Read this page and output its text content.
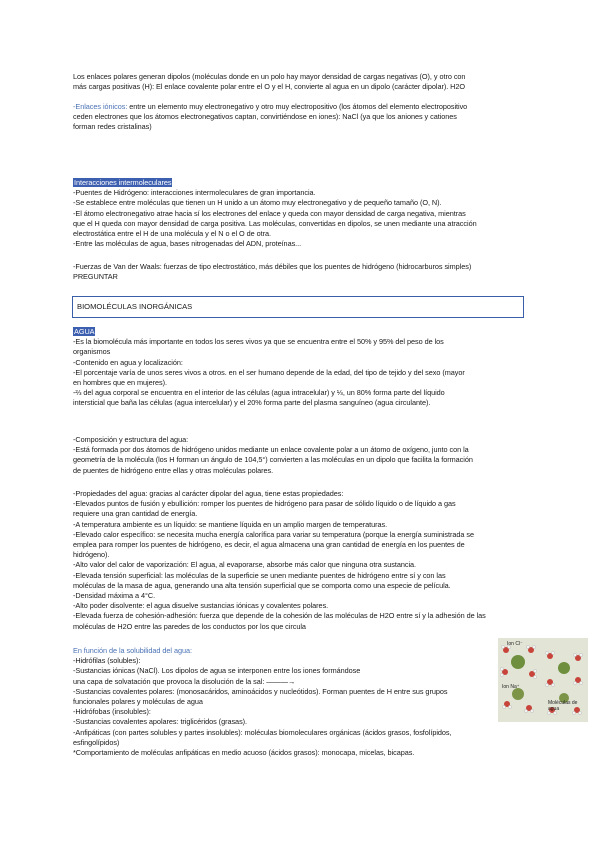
Los enlaces polares generan dipolos (moléculas donde en un polo hay mayor densidad de cargas negativas (O), y otro con

más cargas positivas (H): El enlace covalente polar entre el O y el H, convierte al agua en un dipolo (carácter dipolar). H2O

-Enlaces iónicos: entre un elemento muy electronegativo y otro muy electropositivo (los átomos del elemento electropositivo

ceden electrones que los átomos electronegativos captan, convirtiéndose en iones): NaCl (ya que los aniones y cationes

forman redes cristalinas)

Interacciones intermoleculares

-Puentes de Hidrógeno: interacciones intermoleculares de gran importancia.

-Se establece entre moléculas que tienen un H unido a un átomo muy electronegativo y de pequeño tamaño (O, N).

-El átomo electronegativo atrae hacia sí los electrones del enlace y queda con mayor densidad de carga negativa, mientras

que el H queda con mayor densidad de carga positiva. Las moléculas, convertidas en dipolos, se unen mediante una atracción

electrostática entre el H de una molécula y el N o el O de otra.

-Entre las moléculas de agua, bases nitrogenadas del ADN, proteínas...

-Fuerzas de Van der Waals: fuerzas de tipo electrostático, más débiles que los puentes de hidrógeno (hidrocarburos simples)

PREGUNTAR

BIOMOLÉCULAS INORGÁNICAS

AGUA

-Es la biomolécula más importante en todos los seres vivos ya que se encuentra entre el 50% y 95% del peso de los

organismos

-Contenido en agua y localización:

-El porcentaje varía de unos seres vivos a otros. en el ser humano depende de la edad, del tipo de tejido y del sexo (mayor

en hombres que en mujeres).

-⅔ del agua corporal se encuentra en el interior de las células (agua intracelular) y ⅓, un 80% forma parte del líquido

intersticial que baña las células (agua intercelular) y el 20% forma parte del plasma sanguíneo (agua circulante).

-Composición y estructura del agua:

-Está formada por dos átomos de hidrógeno unidos mediante un enlace covalente polar a un átomo de oxígeno, junto con la

geometría de la molécula (los H forman un ángulo de 104,5°) convierten a las moléculas en un dipolo que facilita la formación

de puentes de hidrógeno entre ellas y otras moléculas polares.

-Propiedades del agua: gracias al carácter dipolar del agua, tiene estas propiedades:

-Elevados puntos de fusión y ebullición: romper los puentes de hidrógeno para pasar de sólido líquido o de líquido a gas

requiere una gran cantidad de energía.

-A temperatura ambiente es un líquido: se mantiene líquida en un amplio margen de temperaturas.

-Elevado calor específico: se necesita mucha energía calorífica para variar su temperatura (porque la energía suministrada se

emplea para romper los puentes de hidrógeno, es decir, el agua almacena una gran cantidad de energía en los puentes de

hidrógeno).

-Alto valor del calor de vaporización: El agua, al evaporarse, absorbe más calor que ninguna otra sustancia.

-Elevada tensión superficial: las moléculas de la superficie se unen mediante puentes de hidrógeno entre sí y con las

moléculas de la masa de agua, generando una alta tensión superficial que se comporta como una especie de película.

-Densidad máxima a 4°C.

-Alto poder disolvente: el agua disuelve sustancias iónicas y covalentes polares.

-Elevada fuerza de cohesión-adhesión: fuerza que depende de la cohesión de las moléculas de H2O entre sí y la adhesión de las

moléculas de H2O entre las paredes de los conductos por los que circula

En función de la solubilidad del agua:

-Hidrófilas (solubles):

-Sustancias iónicas (NaCl). Los dipolos de agua se interponen entre los iones formándose

una capa de solvatación que provoca la disolución de la sal: ———→

-Sustancias covalentes polares: (monosacáridos, aminoácidos y nucleótidos). Forman puentes de H entre sus grupos

funcionales polares y moléculas de agua

-Hidrófobas (insolubles):

-Sustancias covalentes apolares: triglicéridos (grasas).

-Anfipáticas (con partes solubles y partes insolubles): moléculas biomoleculares orgánicas (ácidos grasos, fosfolípidos,

esfingolípidos)

*Comportamiento de moléculas anfipáticas en medio acuoso (ácidos grasos): monocapa, micelas, bicapas.

Ion Cl⁻
Ion Na⁺
Moléculas de agua
